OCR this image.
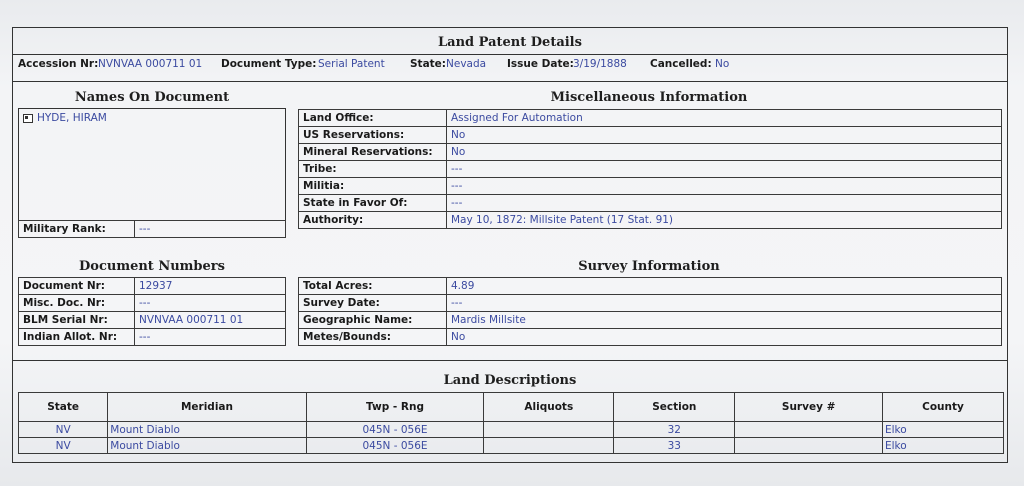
Land Patent Details
Accession Nr: NVNVAA 000711 01 Document Type: Serial Patent State: Nevada Issue Date: 3/19/1888 Cancelled: No
Names On Document
HYDE, HIRAM
Military Rank:	---
Miscellaneous Information
Land Office:	Assigned For Automation
US Reservations:	No
Mineral Reservations:	No
Tribe:	---
Militia:	---
State in Favor Of:	---
Authority:	May 10, 1872: Millsite Patent (17 Stat. 91)
Document Numbers
Document Nr:	12937
Misc. Doc. Nr:	---
BLM Serial Nr:	NVNVAA 000711 01
Indian Allot. Nr:	---
Survey Information
Total Acres:	4.89
Survey Date:	---
Geographic Name:	Mardis Millsite
Metes/Bounds:	No
Land Descriptions
State	Meridian	Twp - Rng	Aliquots	Section	Survey #	County
NV	Mount Diablo	045N - 056E		32		Elko
NV	Mount Diablo	045N - 056E		33		Elko
